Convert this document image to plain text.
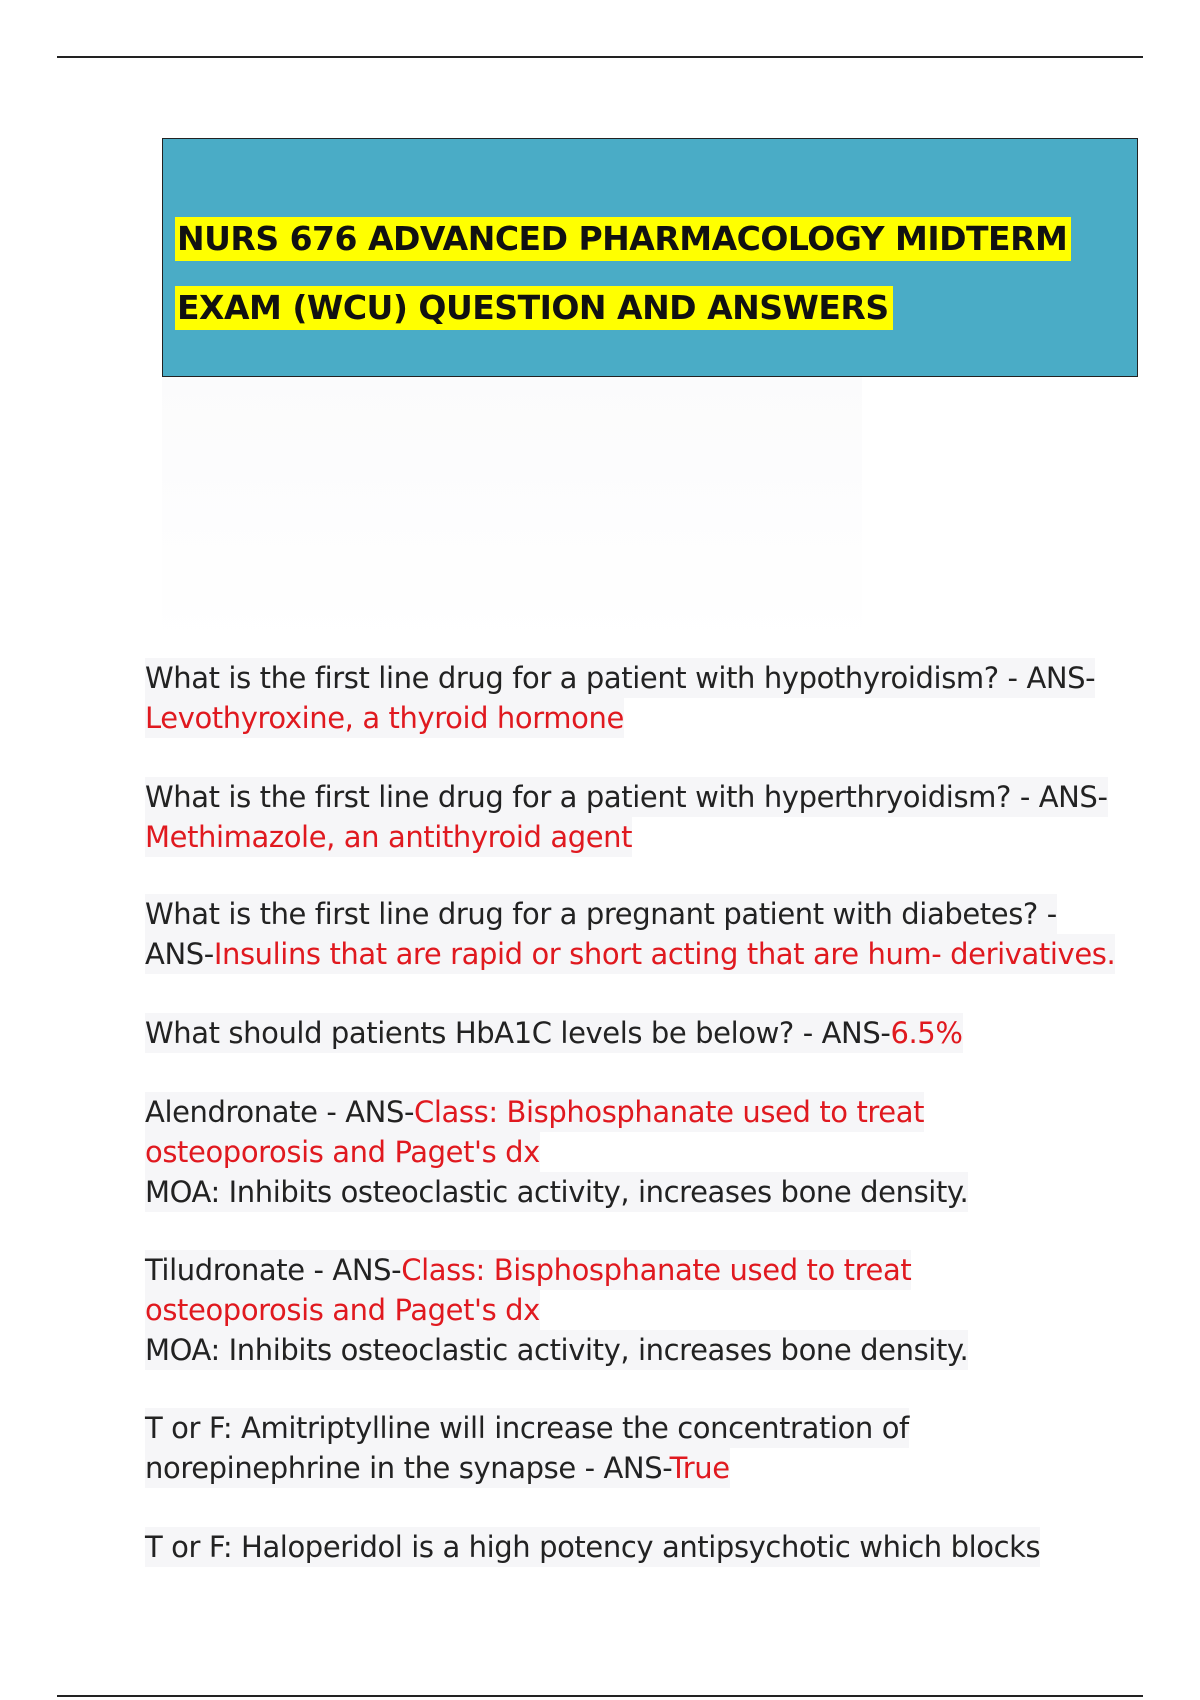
NURS 676 ADVANCED PHARMACOLOGY MIDTERM
EXAM (WCU) QUESTION AND ANSWERS
What is the first line drug for a patient with hypothyroidism? - ANS-
Levothyroxine, a thyroid hormone
What is the first line drug for a patient with hyperthryoidism? - ANS-
Methimazole, an antithyroid agent
What is the first line drug for a pregnant patient with diabetes? -
ANS-Insulins that are rapid or short acting that are hum- derivatives.
What should patients HbA1C levels be below? - ANS-6.5%
Alendronate - ANS-Class: Bisphosphanate used to treat
osteoporosis and Paget's dx
MOA: Inhibits osteoclastic activity, increases bone density.
Tiludronate - ANS-Class: Bisphosphanate used to treat
osteoporosis and Paget's dx
MOA: Inhibits osteoclastic activity, increases bone density.
T or F: Amitriptylline will increase the concentration of
norepinephrine in the synapse - ANS-True
T or F: Haloperidol is a high potency antipsychotic which blocks
